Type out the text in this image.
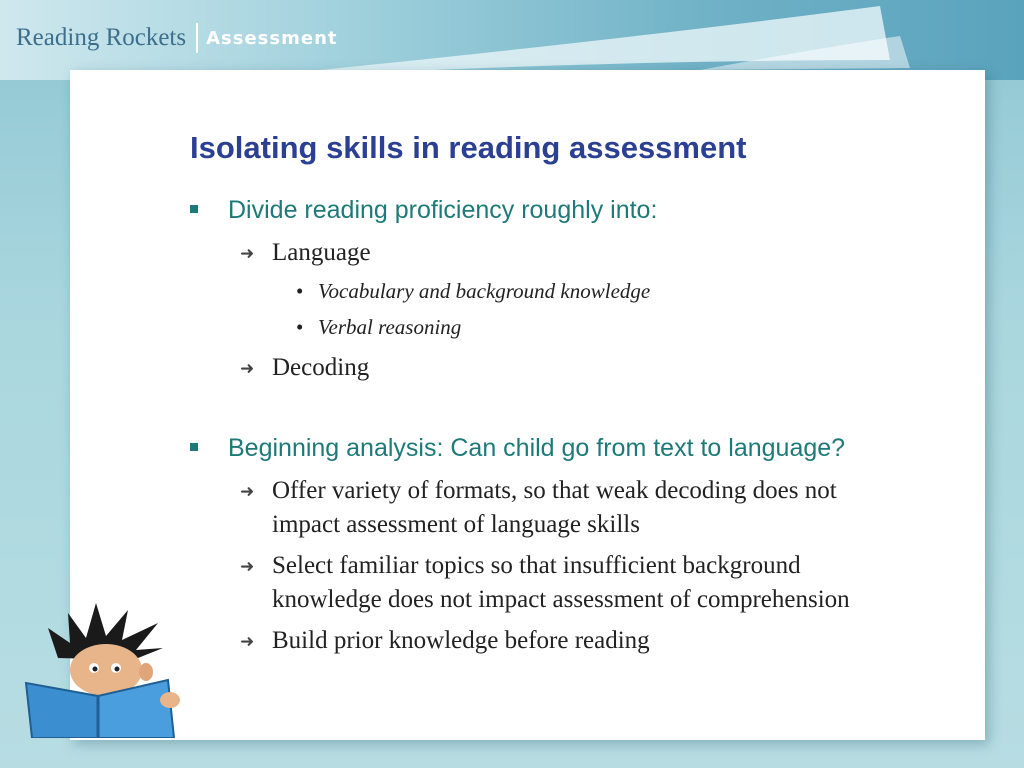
Reading Rockets Assessment
Isolating skills in reading assessment
Divide reading proficiency roughly into:
➜ Language
• Vocabulary and background knowledge
• Verbal reasoning
➜ Decoding
Beginning analysis: Can child go from text to language?
➜ Offer variety of formats, so that weak decoding does not
impact assessment of language skills
➜ Select familiar topics so that insufficient background
knowledge does not impact assessment of comprehension
➜ Build prior knowledge before reading
